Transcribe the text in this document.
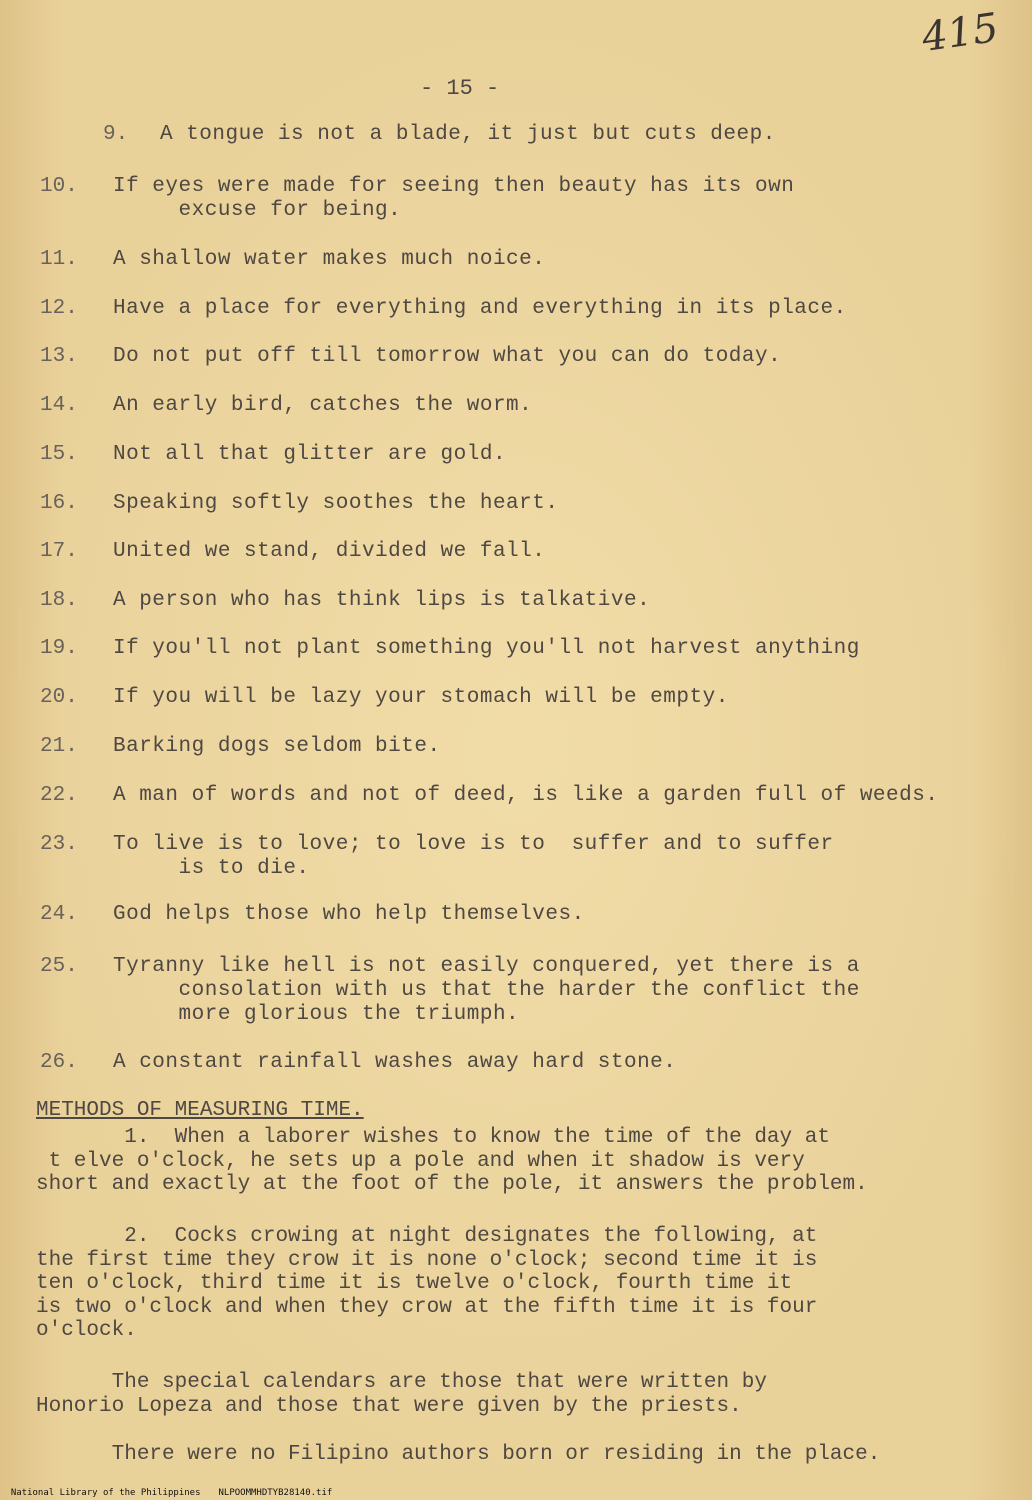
415
- 15 -
9. A tongue is not a blade, it just but cuts deep.
10. If eyes were made for seeing then beauty has its own
excuse for being.
11. A shallow water makes much noice.
12. Have a place for everything and everything in its place.
13. Do not put off till tomorrow what you can do today.
14. An early bird, catches the worm.
15. Not all that glitter are gold.
16. Speaking softly soothes the heart.
17. United we stand, divided we fall.
18. A person who has think lips is talkative.
19. If you'll not plant something you'll not harvest anything
20. If you will be lazy your stomach will be empty.
21. Barking dogs seldom bite.
22. A man of words and not of deed, is like a garden full of weeds.
23. To live is to love; to love is to  suffer and to suffer
is to die.
24. God helps those who help themselves.
25. Tyranny like hell is not easily conquered, yet there is a
consolation with us that the harder the conflict the
more glorious the triumph.
26. A constant rainfall washes away hard stone.
METHODS OF MEASURING TIME.
1.  When a laborer wishes to know the time of the day at
t elve o'clock, he sets up a pole and when it shadow is very
short and exactly at the foot of the pole, it answers the problem.
2.  Cocks crowing at night designates the following, at
the first time they crow it is none o'clock; second time it is
ten o'clock, third time it is twelve o'clock, fourth time it
is two o'clock and when they crow at the fifth time it is four
o'clock.
The special calendars are those that were written by
Honorio Lopeza and those that were given by the priests.
There were no Filipino authors born or residing in the place.

National Library of the Philippines NLPOOMMHDTYB28140.tif
